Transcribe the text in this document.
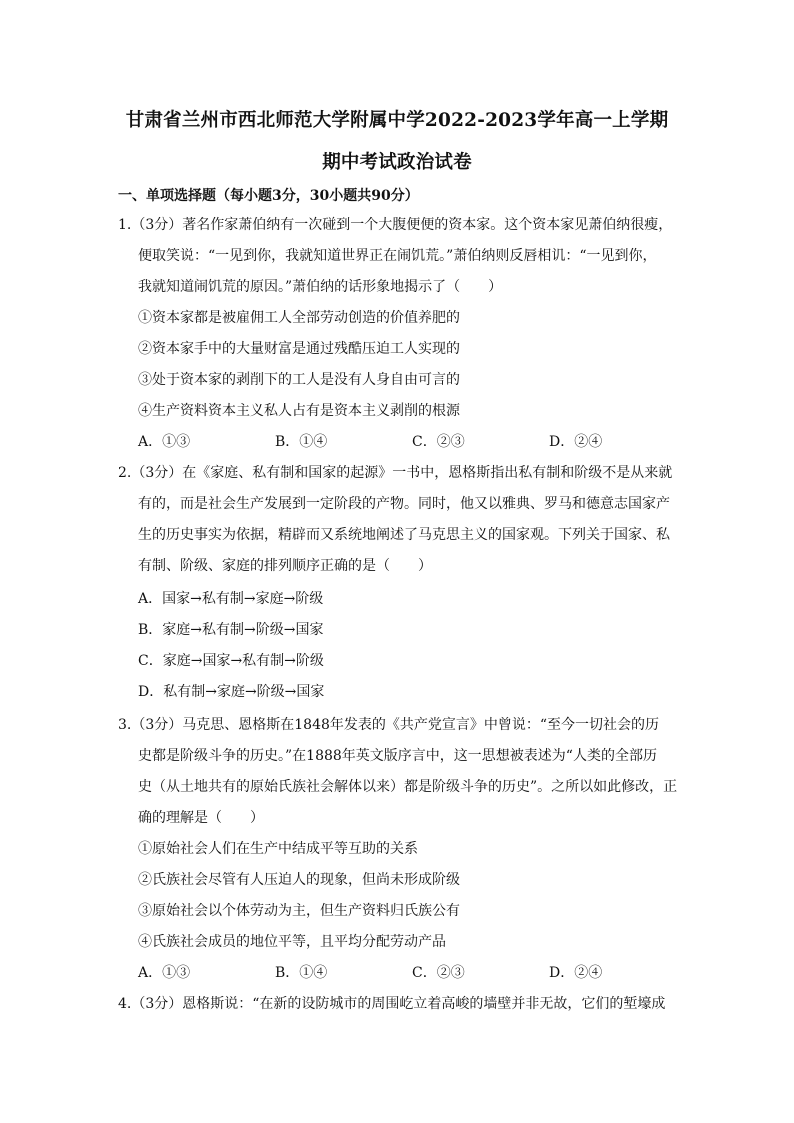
甘肃省兰州市西北师范大学附属中学2022-2023学年高一上学期
期中考试政治试卷
一、单项选择题（每小题3分，30小题共90分）
1.（3分）著名作家萧伯纳有一次碰到一个大腹便便的资本家。这个资本家见萧伯纳很瘦，
便取笑说：“一见到你，我就知道世界正在闹饥荒。”萧伯纳则反唇相讥：“一见到你，
我就知道闹饥荒的原因。”萧伯纳的话形象地揭示了（　　）
①资本家都是被雇佣工人全部劳动创造的价值养肥的
②资本家手中的大量财富是通过残酷压迫工人实现的
③处于资本家的剥削下的工人是没有人身自由可言的
④生产资料资本主义私人占有是资本主义剥削的根源
A．①③	B．①④	C．②③	D．②④
2.（3分）在《家庭、私有制和国家的起源》一书中，恩格斯指出私有制和阶级不是从来就
有的，而是社会生产发展到一定阶段的产物。同时，他又以雅典、罗马和德意志国家产
生的历史事实为依据，精辟而又系统地阐述了马克思主义的国家观。下列关于国家、私
有制、阶级、家庭的排列顺序正确的是（　　）
A．国家→私有制→家庭→阶级
B．家庭→私有制→阶级→国家
C．家庭→国家→私有制→阶级
D．私有制→家庭→阶级→国家
3.（3分）马克思、恩格斯在1848年发表的《共产党宣言》中曾说：“至今一切社会的历
史都是阶级斗争的历史。”在1888年英文版序言中，这一思想被表述为“人类的全部历
史（从土地共有的原始氏族社会解体以来）都是阶级斗争的历史”。之所以如此修改，正
确的理解是（　　）
①原始社会人们在生产中结成平等互助的关系
②氏族社会尽管有人压迫人的现象，但尚未形成阶级
③原始社会以个体劳动为主，但生产资料归氏族公有
④氏族社会成员的地位平等，且平均分配劳动产品
A．①③	B．①④	C．②③	D．②④
4.（3分）恩格斯说：“在新的设防城市的周围屹立着高峻的墙壁并非无故，它们的堑壕成
